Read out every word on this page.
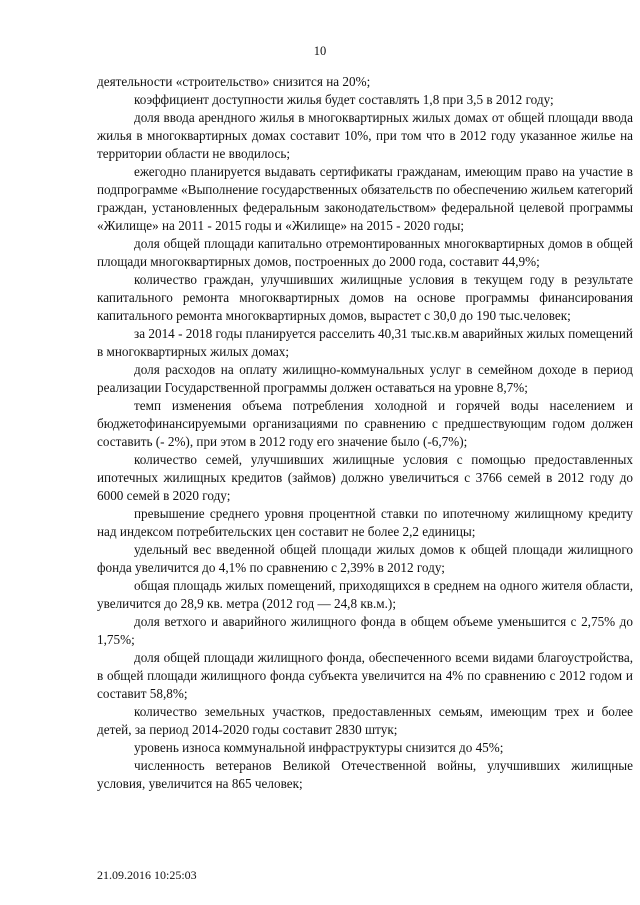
10

деятельности «строительство» снизится на 20%;

коэффициент доступности жилья будет составлять 1,8 при 3,5 в 2012 году;

доля ввода арендного жилья в многоквартирных жилых домах от общей площади ввода жилья в многоквартирных домах составит 10%, при том что в 2012 году указанное жилье на территории области не вводилось;

ежегодно планируется выдавать сертификаты гражданам, имеющим право на участие в подпрограмме «Выполнение государственных обязательств по обеспечению жильем категорий граждан, установленных федеральным законодательством» федеральной целевой программы «Жилище» на 2011 - 2015 годы и «Жилище» на 2015 - 2020 годы;

доля общей площади капитально отремонтированных многоквартирных домов в общей площади многоквартирных домов, построенных до 2000 года, составит 44,9%;

количество граждан, улучшивших жилищные условия в текущем году в результате капитального ремонта многоквартирных домов на основе программы финансирования капитального ремонта многоквартирных домов, вырастет с 30,0 до 190 тыс.человек;

за 2014 - 2018 годы планируется расселить 40,31 тыс.кв.м аварийных жилых помещений в многоквартирных жилых домах;

доля расходов на оплату жилищно-коммунальных услуг в семейном доходе в период реализации Государственной программы должен оставаться на уровне 8,7%;

темп изменения объема потребления холодной и горячей воды населением и бюджетофинансируемыми организациями по сравнению с предшествующим годом должен составить (- 2%), при этом в 2012 году его значение было (-6,7%);

количество семей, улучшивших жилищные условия с помощью предоставленных ипотечных жилищных кредитов (займов) должно увеличиться с 3766 семей в 2012 году до 6000 семей в 2020 году;

превышение среднего уровня процентной ставки по ипотечному жилищному кредиту над индексом потребительских цен составит не более 2,2 единицы;

удельный вес введенной общей площади жилых домов к общей площади жилищного фонда увеличится до 4,1% по сравнению с 2,39% в 2012 году;

общая площадь жилых помещений, приходящихся в среднем на одного жителя области, увеличится до 28,9 кв. метра (2012 год — 24,8 кв.м.);

доля ветхого и аварийного жилищного фонда в общем объеме уменьшится с 2,75% до 1,75%;

доля общей площади жилищного фонда, обеспеченного всеми видами благоустройства, в общей площади жилищного фонда субъекта увеличится на 4% по сравнению с 2012 годом и составит 58,8%;

количество земельных участков, предоставленных семьям, имеющим трех и более детей, за период 2014-2020 годы составит 2830 штук;

уровень износа коммунальной инфраструктуры снизится до 45%;

численность ветеранов Великой Отечественной войны, улучшивших жилищные условия, увеличится на 865 человек;

21.09.2016 10:25:03
